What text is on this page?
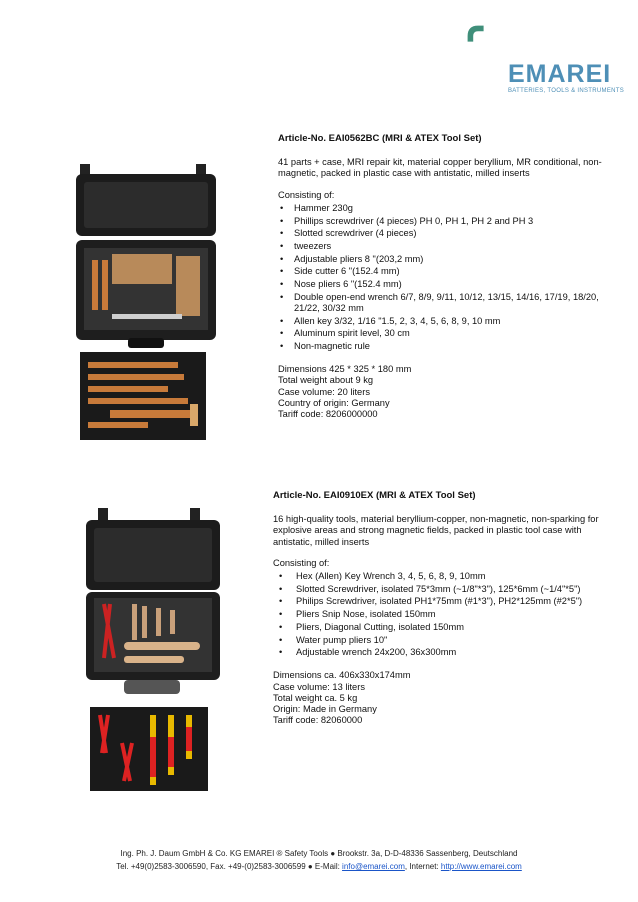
EMAREI
BATTERIES, TOOLS & INSTRUMENTS
Article-No. EAI0562BC (MRI & ATEX Tool Set)
41 parts + case, MRI repair kit, material copper beryllium, MR conditional, non-magnetic, packed in plastic case with antistatic, milled inserts
Consisting of:
• Hammer 230g
• Phillips screwdriver (4 pieces) PH 0, PH 1, PH 2 and PH 3
• Slotted screwdriver (4 pieces)
• tweezers
• Adjustable pliers 8 "(203,2 mm)
• Side cutter 6 "(152.4 mm)
• Nose pliers 6 "(152.4 mm)
• Double open-end wrench 6/7, 8/9, 9/11, 10/12, 13/15, 14/16, 17/19, 18/20, 21/22, 30/32 mm
• Allen key 3/32, 1/16 "1.5, 2, 3, 4, 5, 6, 8, 9, 10 mm
• Aluminum spirit level, 30 cm
• Non-magnetic rule
Dimensions 425 * 325 * 180 mm
Total weight about 9 kg
Case volume: 20 liters
Country of origin: Germany
Tariff code: 8206000000
Article-No. EAI0910EX (MRI & ATEX Tool Set)
16 high-quality tools, material beryllium-copper, non-magnetic, non-sparking for explosive areas and strong magnetic fields, packed in plastic tool case with antistatic, milled inserts
Consisting of:
• Hex (Allen) Key Wrench 3, 4, 5, 6, 8, 9, 10mm
• Slotted Screwdriver, isolated 75*3mm (~1/8"*3"), 125*6mm (~1/4"*5")
• Philips Screwdriver, isolated PH1*75mm (#1*3"), PH2*125mm (#2*5")
• Pliers Snip Nose, isolated 150mm
• Pliers, Diagonal Cutting, isolated 150mm
• Water pump pliers 10"
• Adjustable wrench 24x200, 36x300mm
Dimensions ca. 406x330x174mm
Case volume: 13 liters
Total weight ca. 5 kg
Origin: Made in Germany
Tariff code: 82060000
Ing. Ph. J. Daum GmbH & Co. KG EMAREI ® Safety Tools ● Brookstr. 3a, D-D-48336 Sassenberg, Deutschland
Tel. +49(0)2583-3006590, Fax. +49-(0)2583-3006599 ● E-Mail: info@emarei.com, Internet: http://www.emarei.com
